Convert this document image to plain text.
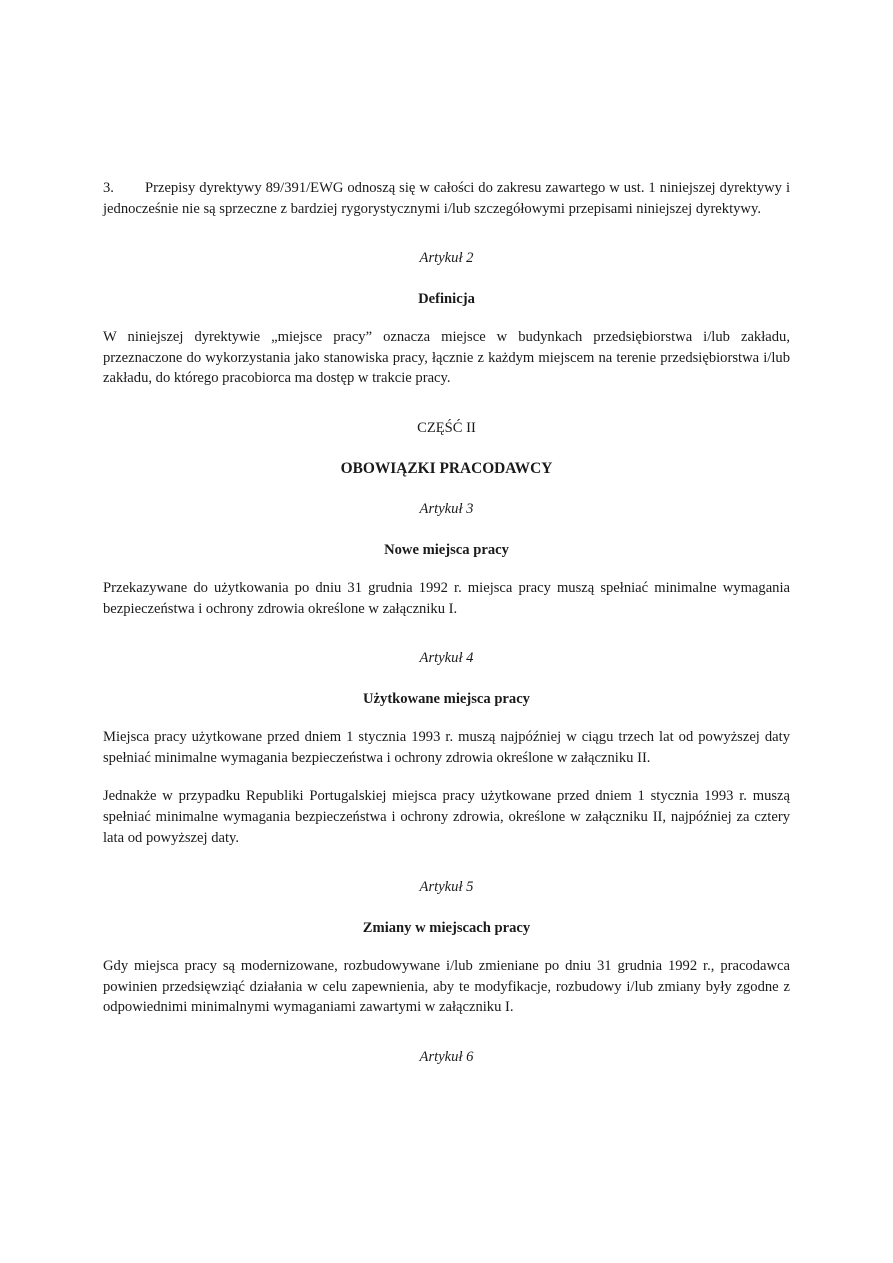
3. Przepisy dyrektywy 89/391/EWG odnoszą się w całości do zakresu zawartego w ust. 1 niniejszej dyrektywy i jednocześnie nie są sprzeczne z bardziej rygorystycznymi i/lub szczegółowymi przepisami niniejszej dyrektywy.

Artykuł 2

Definicja

W niniejszej dyrektywie „miejsce pracy” oznacza miejsce w budynkach przedsiębiorstwa i/lub zakładu, przeznaczone do wykorzystania jako stanowiska pracy, łącznie z każdym miejscem na terenie przedsiębiorstwa i/lub zakładu, do którego pracobiorca ma dostęp w trakcie pracy.

CZĘŚĆ II

OBOWIĄZKI PRACODAWCY

Artykuł 3

Nowe miejsca pracy

Przekazywane do użytkowania po dniu 31 grudnia 1992 r. miejsca pracy muszą spełniać minimalne wymagania bezpieczeństwa i ochrony zdrowia określone w załączniku I.

Artykuł 4

Użytkowane miejsca pracy

Miejsca pracy użytkowane przed dniem 1 stycznia 1993 r. muszą najpóźniej w ciągu trzech lat od powyższej daty spełniać minimalne wymagania bezpieczeństwa i ochrony zdrowia określone w załączniku II.

Jednakże w przypadku Republiki Portugalskiej miejsca pracy użytkowane przed dniem 1 stycznia 1993 r. muszą spełniać minimalne wymagania bezpieczeństwa i ochrony zdrowia, określone w załączniku II, najpóźniej za cztery lata od powyższej daty.

Artykuł 5

Zmiany w miejscach pracy

Gdy miejsca pracy są modernizowane, rozbudowywane i/lub zmieniane po dniu 31 grudnia 1992 r., pracodawca powinien przedsięwziąć działania w celu zapewnienia, aby te modyfikacje, rozbudowy i/lub zmiany były zgodne z odpowiednimi minimalnymi wymaganiami zawartymi w załączniku I.

Artykuł 6
